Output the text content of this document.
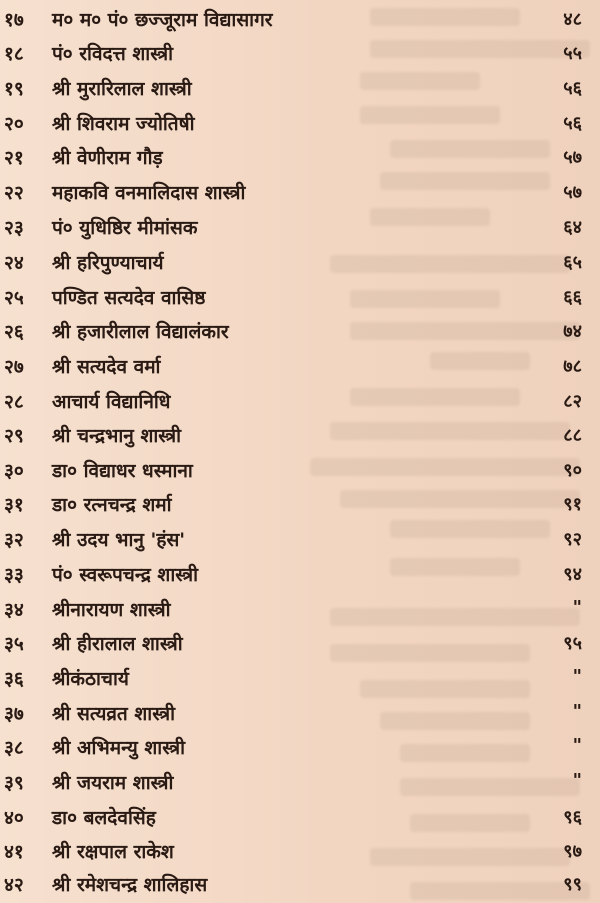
१७ म० म० पं० छज्जूराम विद्यासागर	४८
१८ पं० रविदत्त शास्त्री	५५
१९ श्री मुरारिलाल शास्त्री	५६
२० श्री शिवराम ज्योतिषी	५६
२१ श्री वेणीराम गौड़	५७
२२ महाकवि वनमालिदास शास्त्री	५७
२३ पं० युधिष्ठिर मीमांसक	६४
२४ श्री हरिपुण्याचार्य	६५
२५ पण्डित सत्यदेव वासिष्ठ	६६
२६ श्री हजारीलाल विद्यालंकार	७४
२७ श्री सत्यदेव वर्मा	७८
२८ आचार्य विद्यानिधि	८२
२९ श्री चन्द्रभानु शास्त्री	८८
३० डा० विद्याधर धस्माना	९०
३१ डा० रत्नचन्द्र शर्मा	९१
३२ श्री उदय भानु 'हंस'	९२
३३ पं० स्वरूपचन्द्र शास्त्री	९४
३४ श्रीनारायण शास्त्री	"
३५ श्री हीरालाल शास्त्री	९५
३६ श्रीकंठाचार्य	"
३७ श्री सत्यव्रत शास्त्री	"
३८ श्री अभिमन्यु शास्त्री	"
३९ श्री जयराम शास्त्री	"
४० डा० बलदेवसिंह	९६
४१ श्री रक्षपाल राकेश	९७
४२ श्री रमेशचन्द्र शालिहास	९९
